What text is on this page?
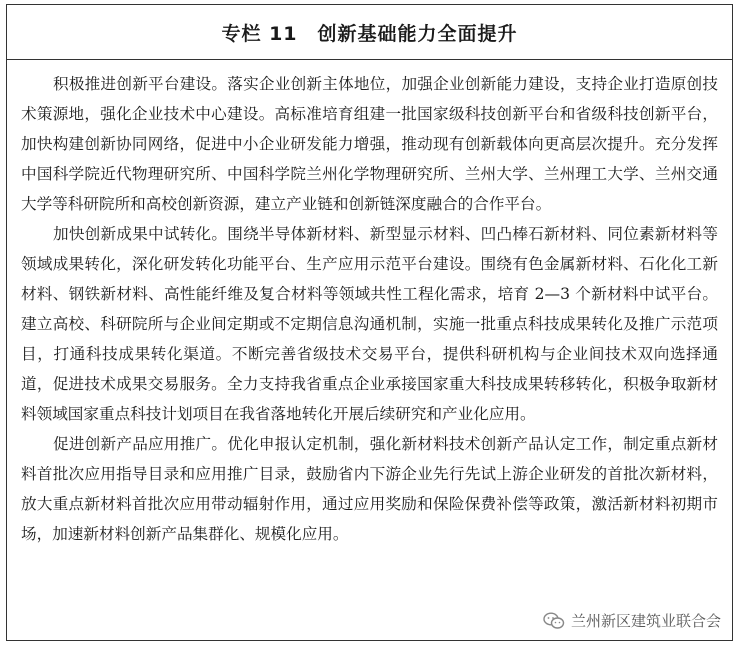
专栏 11　创新基础能力全面提升

积极推进创新平台建设。落实企业创新主体地位，加强企业创新能力建设，支持企业打造原创技术策源地，强化企业技术中心建设。高标准培育组建一批国家级科技创新平台和省级科技创新平台，加快构建创新协同网络，促进中小企业研发能力增强，推动现有创新载体向更高层次提升。充分发挥中国科学院近代物理研究所、中国科学院兰州化学物理研究所、兰州大学、兰州理工大学、兰州交通大学等科研院所和高校创新资源，建立产业链和创新链深度融合的合作平台。

加快创新成果中试转化。围绕半导体新材料、新型显示材料、凹凸棒石新材料、同位素新材料等领域成果转化，深化研发转化功能平台、生产应用示范平台建设。围绕有色金属新材料、石化化工新材料、钢铁新材料、高性能纤维及复合材料等领域共性工程化需求，培育 2—3 个新材料中试平台。建立高校、科研院所与企业间定期或不定期信息沟通机制，实施一批重点科技成果转化及推广示范项目，打通科技成果转化渠道。不断完善省级技术交易平台，提供科研机构与企业间技术双向选择通道，促进技术成果交易服务。全力支持我省重点企业承接国家重大科技成果转移转化，积极争取新材料领域国家重点科技计划项目在我省落地转化开展后续研究和产业化应用。

促进创新产品应用推广。优化申报认定机制，强化新材料技术创新产品认定工作，制定重点新材料首批次应用指导目录和应用推广目录，鼓励省内下游企业先行先试上游企业研发的首批次新材料，放大重点新材料首批次应用带动辐射作用，通过应用奖励和保险保费补偿等政策，激活新材料初期市场，加速新材料创新产品集群化、规模化应用。

兰州新区建筑业联合会
